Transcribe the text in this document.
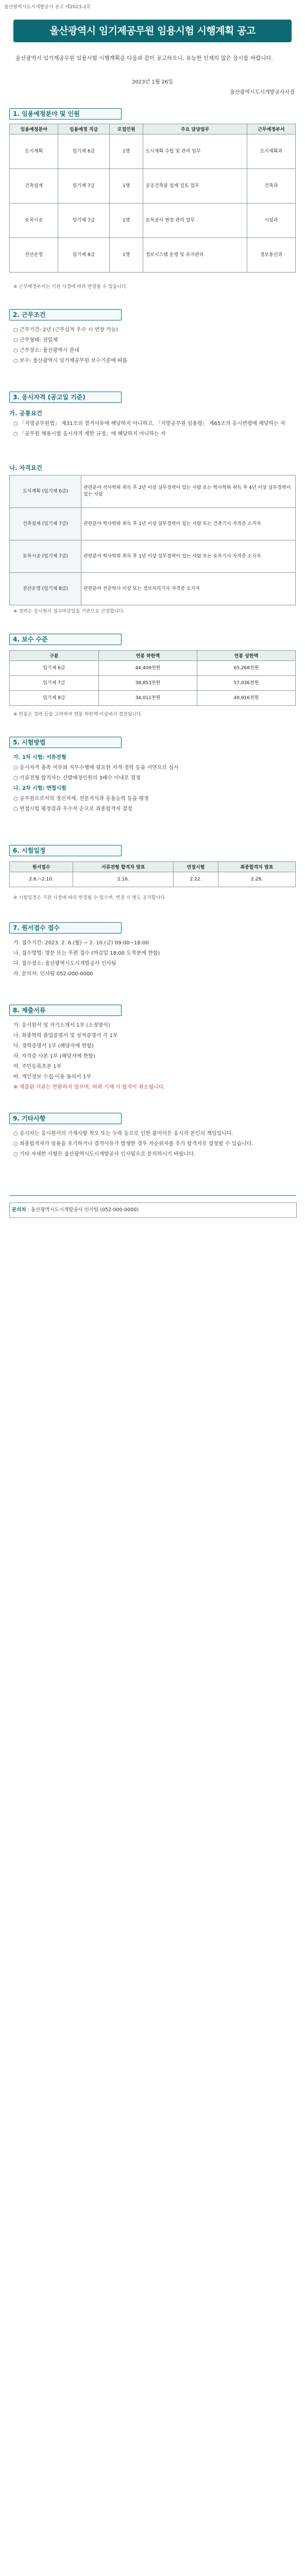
울산광역시도시개발공사 공고 제2023-2호
울산광역시 임기제공무원 임용시험 시행계획 공고
울산광역시 임기제공무원 임용시험 시행계획을 다음과 같이 공고하오니, 유능한 인재의 많은 응시를 바랍니다.
2023년 1월 26일
울산광역시도시개발공사사장
1. 임용예정분야 및 인원
임용예정분야	임용예정 직급	모집인원	주요 담당업무	근무예정부서
도시계획	임기제 6급	1명	도시계획 수립 및 관리 업무	도시계획과
건축설계	임기제 7급	1명	공공건축물 설계 검토 업무	건축과
토목시공	임기제 7급	1명	토목공사 현장 관리 업무	시설과
전산운영	임기제 8급	1명	정보시스템 운영 및 유지관리	정보통신과
※ 근무예정부서는 기관 사정에 따라 변경될 수 있습니다.
2. 근무조건

○ 근무기간: 2년 (근무실적 우수 시 연장 가능)

○ 근무형태: 전일제

○ 근무장소: 울산광역시 관내

○ 보수: 울산광역시 임기제공무원 보수기준에 따름

3. 응시자격 (공고일 기준)
가. 공통요건

○ 「지방공무원법」 제31조의 결격사유에 해당하지 아니하고, 「지방공무원 임용령」 제65조의 응시연령에 해당하는 자

○ 「공무원 채용시험 응시자격 제한 규정」에 해당하지 아니하는 자

나. 자격요건
도시계획 (임기제 6급)	관련분야 석사학위 취득 후 2년 이상 실무경력이 있는 사람 또는 학사학위 취득 후 4년 이상 실무경력이 있는 사람
건축설계 (임기제 7급)	관련분야 학사학위 취득 후 1년 이상 실무경력이 있는 사람 또는 건축기사 자격증 소지자
토목시공 (임기제 7급)	관련분야 학사학위 취득 후 1년 이상 실무경력이 있는 사람 또는 토목기사 자격증 소지자
전산운영 (임기제 8급)	관련분야 전문학사 이상 또는 정보처리기사 자격증 소지자
※ 경력은 응시원서 접수마감일을 기준으로 산정합니다.
4. 보수 수준
구분	연봉 하한액	연봉 상한액
임기제 6급	44,409천원	65,268천원
임기제 7급	38,853천원	57,036천원
임기제 8급	34,011천원	49,916천원
※ 연봉은 경력 등을 고려하여 연봉 하한액 이상에서 결정됩니다.
5. 시험방법

가. 1차 시험: 서류전형

○ 응시자격 충족 여부와 직무수행에 필요한 자격·경력 등을 서면으로 심사

○ 서류전형 합격자는 선발예정인원의 3배수 이내로 결정

나. 2차 시험: 면접시험

○ 공무원으로서의 정신자세, 전문지식과 응용능력 등을 평정

○ 면접시험 평정결과 우수자 순으로 최종합격자 결정

6. 시험일정
원서접수	서류전형 합격자 발표	면접시험	최종합격자 발표
2.6.~2.10.	2.16.	2.22.	2.28.
※ 시험일정은 기관 사정에 따라 변경될 수 있으며, 변경 시 별도 공지합니다.
7. 원서접수 접수

가. 접수기간: 2023. 2. 6.(월) ~ 2. 10.(금) 09:00~18:00

나. 접수방법: 방문 또는 우편 접수 (마감일 18:00 도착분에 한함)

다. 접수장소: 울산광역시도시개발공사 인사팀

라. 문의처: 인사팀 052-000-0000

8. 제출서류

가. 응시원서 및 자기소개서 1부 (소정양식)

나. 최종학력 졸업증명서 및 성적증명서 각 1부

다. 경력증명서 1부 (해당자에 한함)

라. 자격증 사본 1부 (해당자에 한함)

마. 주민등록초본 1부

바. 개인정보 수집·이용 동의서 1부

※ 제출된 서류는 반환하지 않으며, 허위 기재 시 합격이 취소됩니다.

9. 기타사항

○ 응시자는 응시원서의 기재사항 착오 또는 누락 등으로 인한 불이익은 응시자 본인의 책임입니다.

○ 최종합격자가 임용을 포기하거나 결격사유가 발생한 경우 차순위자를 추가 합격자로 결정할 수 있습니다.

○ 기타 자세한 사항은 울산광역시도시개발공사 인사팀으로 문의하시기 바랍니다.

문의처 : 울산광역시도시개발공사 인사팀 (052-000-0000)
